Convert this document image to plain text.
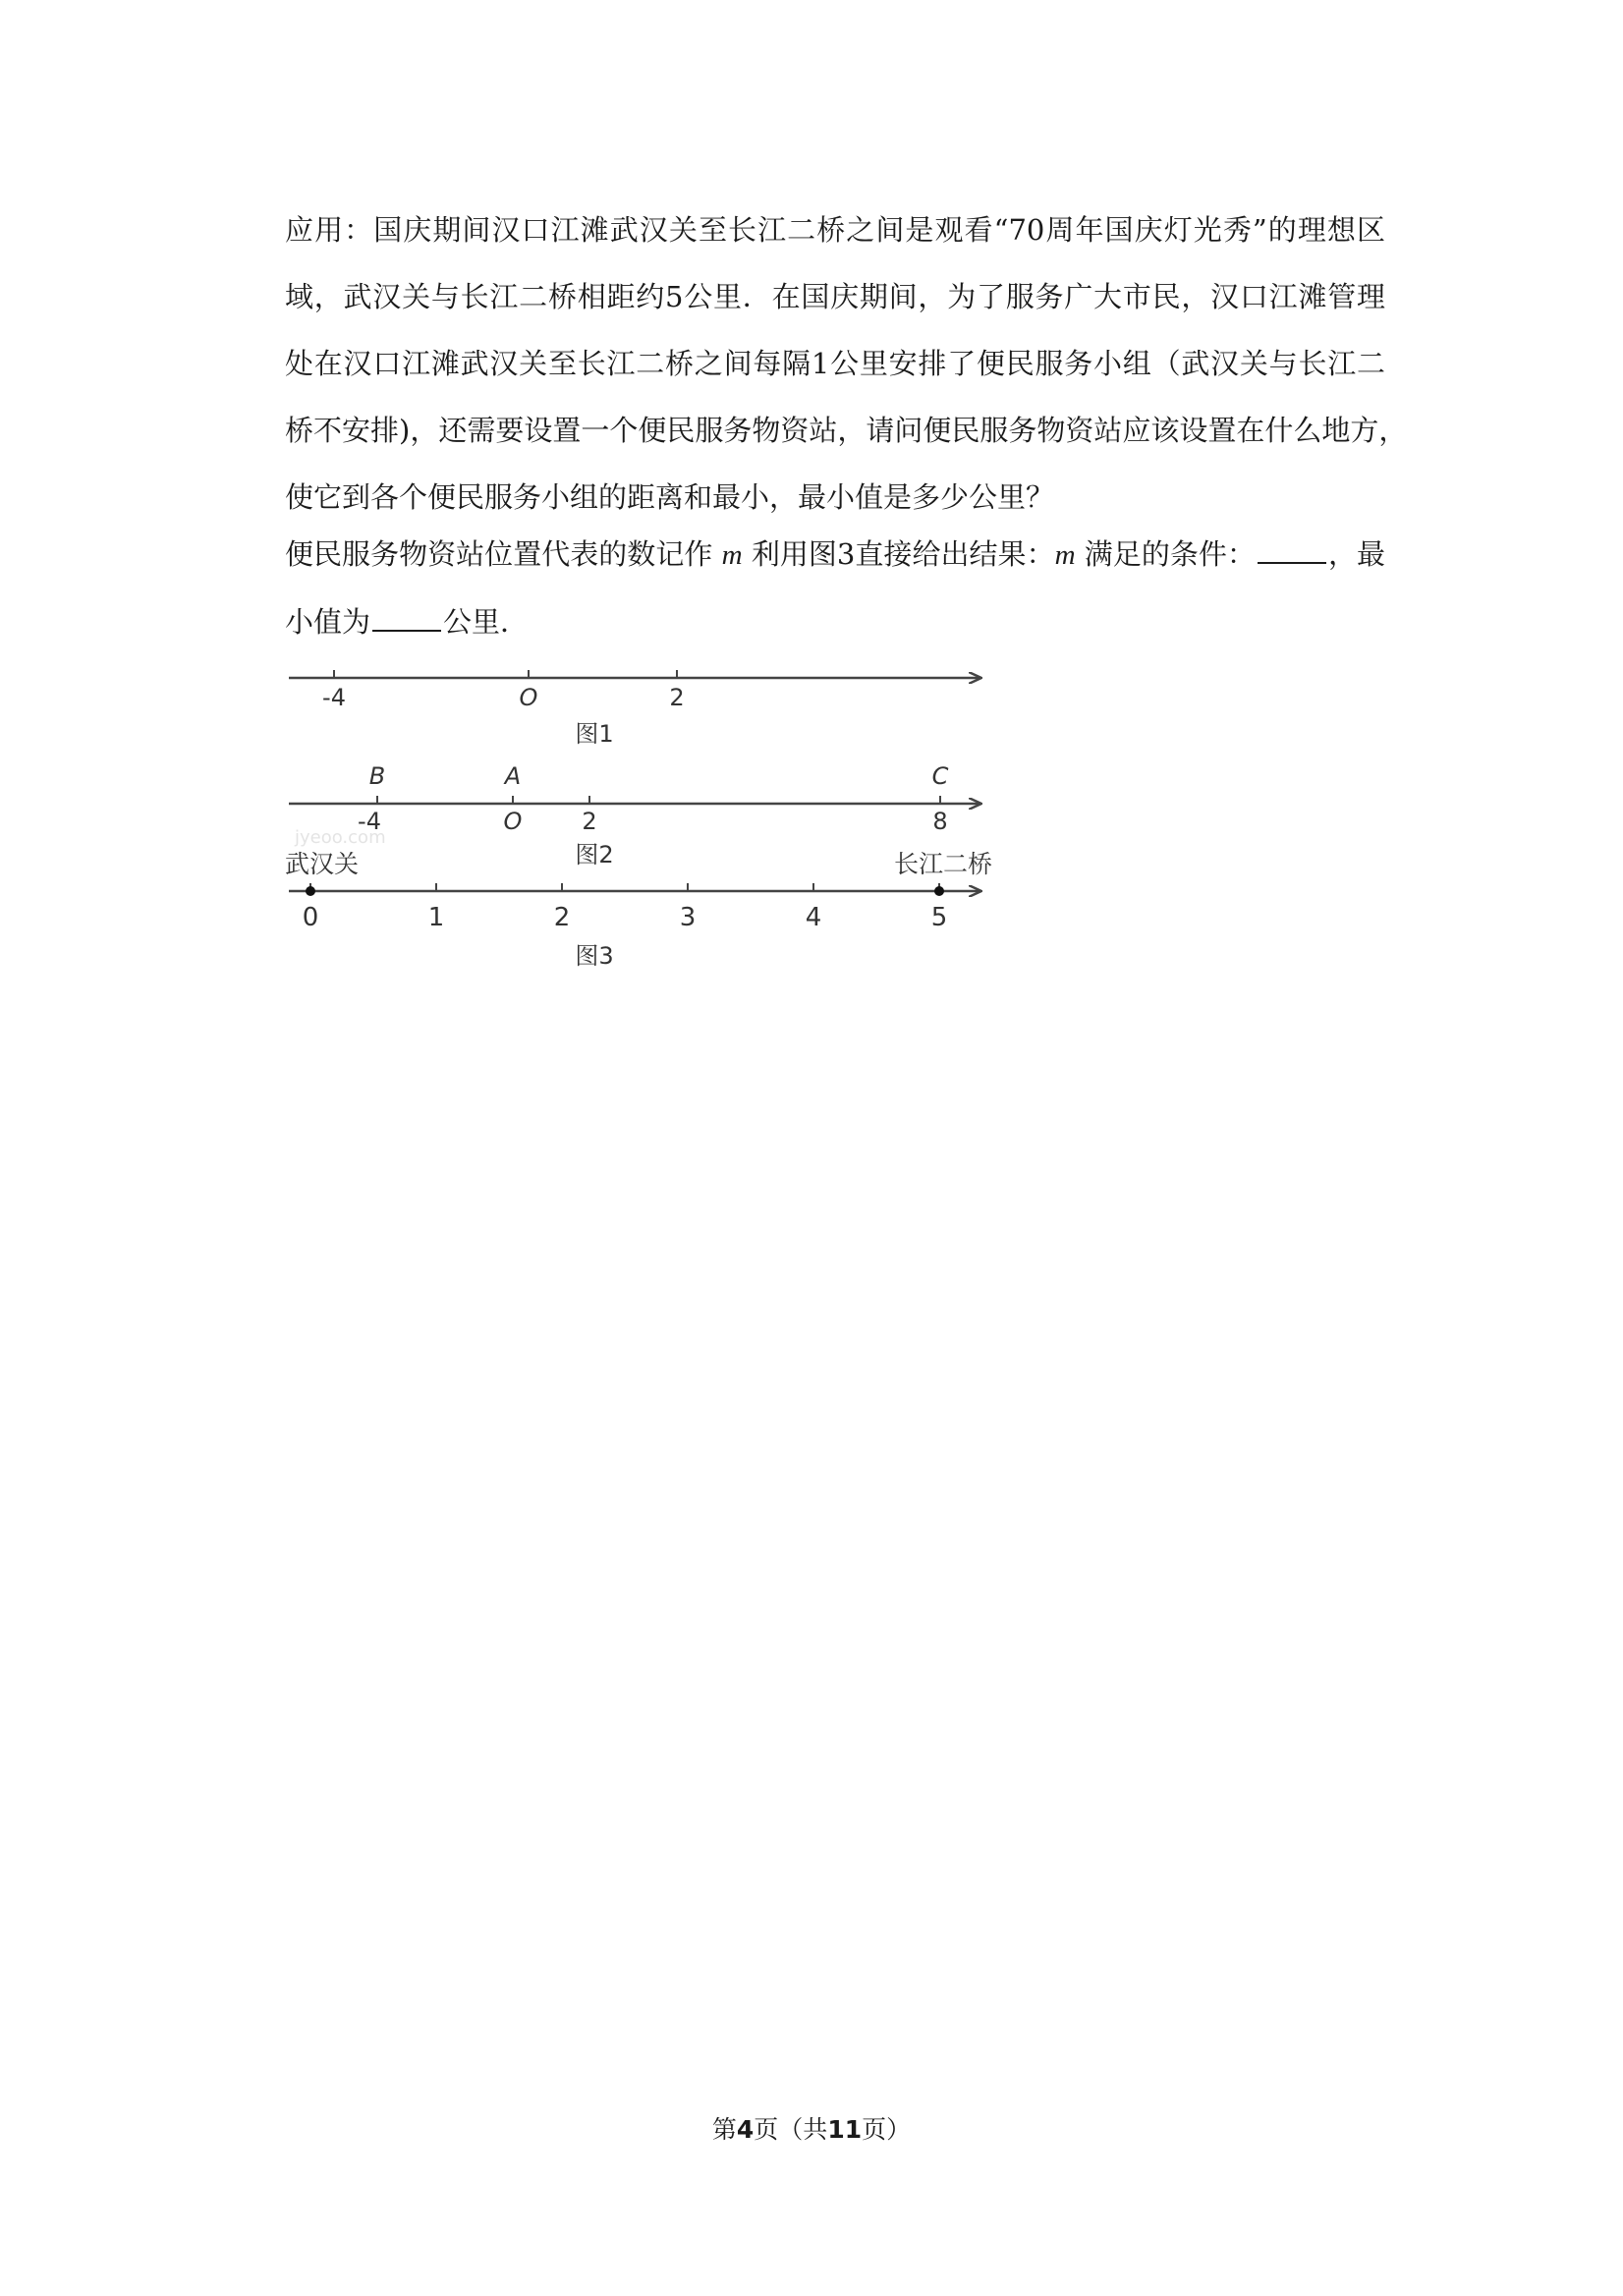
应用：国庆期间汉口江滩武汉关至长江二桥之间是观看“70周年国庆灯光秀”的理想区
域，武汉关与长江二桥相距约5公里．在国庆期间，为了服务广大市民，汉口江滩管理
处在汉口江滩武汉关至长江二桥之间每隔1公里安排了便民服务小组（武汉关与长江二
桥不安排)，还需要设置一个便民服务物资站，请问便民服务物资站应该设置在什么地方，
使它到各个便民服务小组的距离和最小，最小值是多少公里？
便民服务物资站位置代表的数记作 m 利用图3直接给出结果：m 满足的条件：	，最
小值为	公里．
-4	O	2
图1
B
-4
A
O	2
C
8
jyeoo.com
图2
武汉关	长江二桥
0	1	2	3	4	5
图3
第4页（共11页）
